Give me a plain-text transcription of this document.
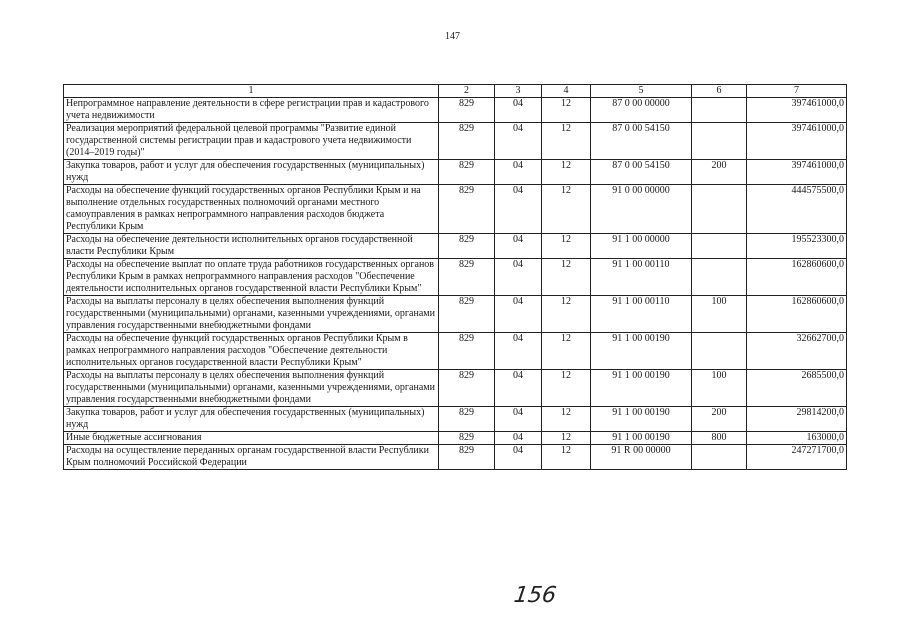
147
1	2	3	4	5	6	7
Непрограммное направление деятельности в сфере регистрации прав и кадастрового учета недвижимости	829	04	12	87 0 00 00000		397461000,0
Реализация мероприятий федеральной целевой программы "Развитие единой государственной системы регистрации прав и кадастрового учета недвижимости (2014–2019 годы)"	829	04	12	87 0 00 54150		397461000,0
Закупка товаров, работ и услуг для обеспечения государственных (муниципальных) нужд	829	04	12	87 0 00 54150	200	397461000,0
Расходы на обеспечение функций государственных органов Республики Крым и на выполнение отдельных государственных полномочий органами местного самоуправления в рамках непрограммного направления расходов бюджета Республики Крым	829	04	12	91 0 00 00000		444575500,0
Расходы на обеспечение деятельности исполнительных органов государственной власти Республики Крым	829	04	12	91 1 00 00000		195523300,0
Расходы на обеспечение выплат по оплате труда работников государственных органов Республики Крым в рамках непрограммного направления расходов "Обеспечение деятельности исполнительных органов государственной власти Республики Крым"	829	04	12	91 1 00 00110		162860600,0
Расходы на выплаты персоналу в целях обеспечения выполнения функций государственными (муниципальными) органами, казенными учреждениями, органами управления государственными внебюджетными фондами	829	04	12	91 1 00 00110	100	162860600,0
Расходы на обеспечение функций государственных органов Республики Крым в рамках непрограммного направления расходов "Обеспечение деятельности исполнительных органов государственной власти Республики Крым"	829	04	12	91 1 00 00190		32662700,0
Расходы на выплаты персоналу в целях обеспечения выполнения функций государственными (муниципальными) органами, казенными учреждениями, органами управления государственными внебюджетными фондами	829	04	12	91 1 00 00190	100	2685500,0
Закупка товаров, работ и услуг для обеспечения государственных (муниципальных) нужд	829	04	12	91 1 00 00190	200	29814200,0
Иные бюджетные ассигнования	829	04	12	91 1 00 00190	800	163000,0
Расходы на осуществление переданных органам государственной власти Республики Крым полномочий Российской Федерации	829	04	12	91 R 00 00000		247271700,0
156
